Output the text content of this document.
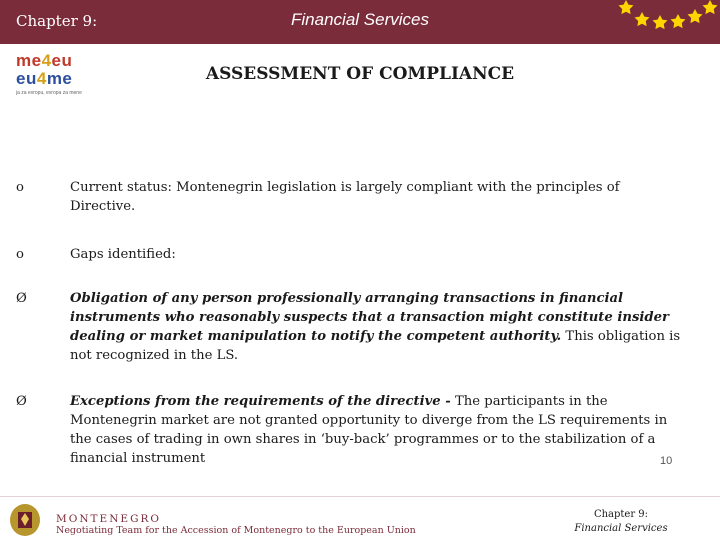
Chapter 9:	Financial Services
me4eu
eu4me
ja za evropu, evropa za mene
ASSESSMENT OF COMPLIANCE
o	Current status: Montenegrin legislation is largely compliant with the principles of Directive.
o	Gaps identified:
Ø	Obligation of any person professionally arranging transactions in financial instruments who reasonably suspects that a transaction might constitute insider dealing or market manipulation to notify the competent authority. This obligation is not recognized in the LS.
Ø	Exceptions from the requirements of the directive - The participants in the Montenegrin market are not granted opportunity to diverge from the LS requirements in the cases of trading in own shares in ‘buy-back’ programmes or to the stabilization of a financial instrument	10
MONTENEGRO
Negotiating Team for the Accession of Montenegro to the European Union
Chapter 9:
Financial Services
